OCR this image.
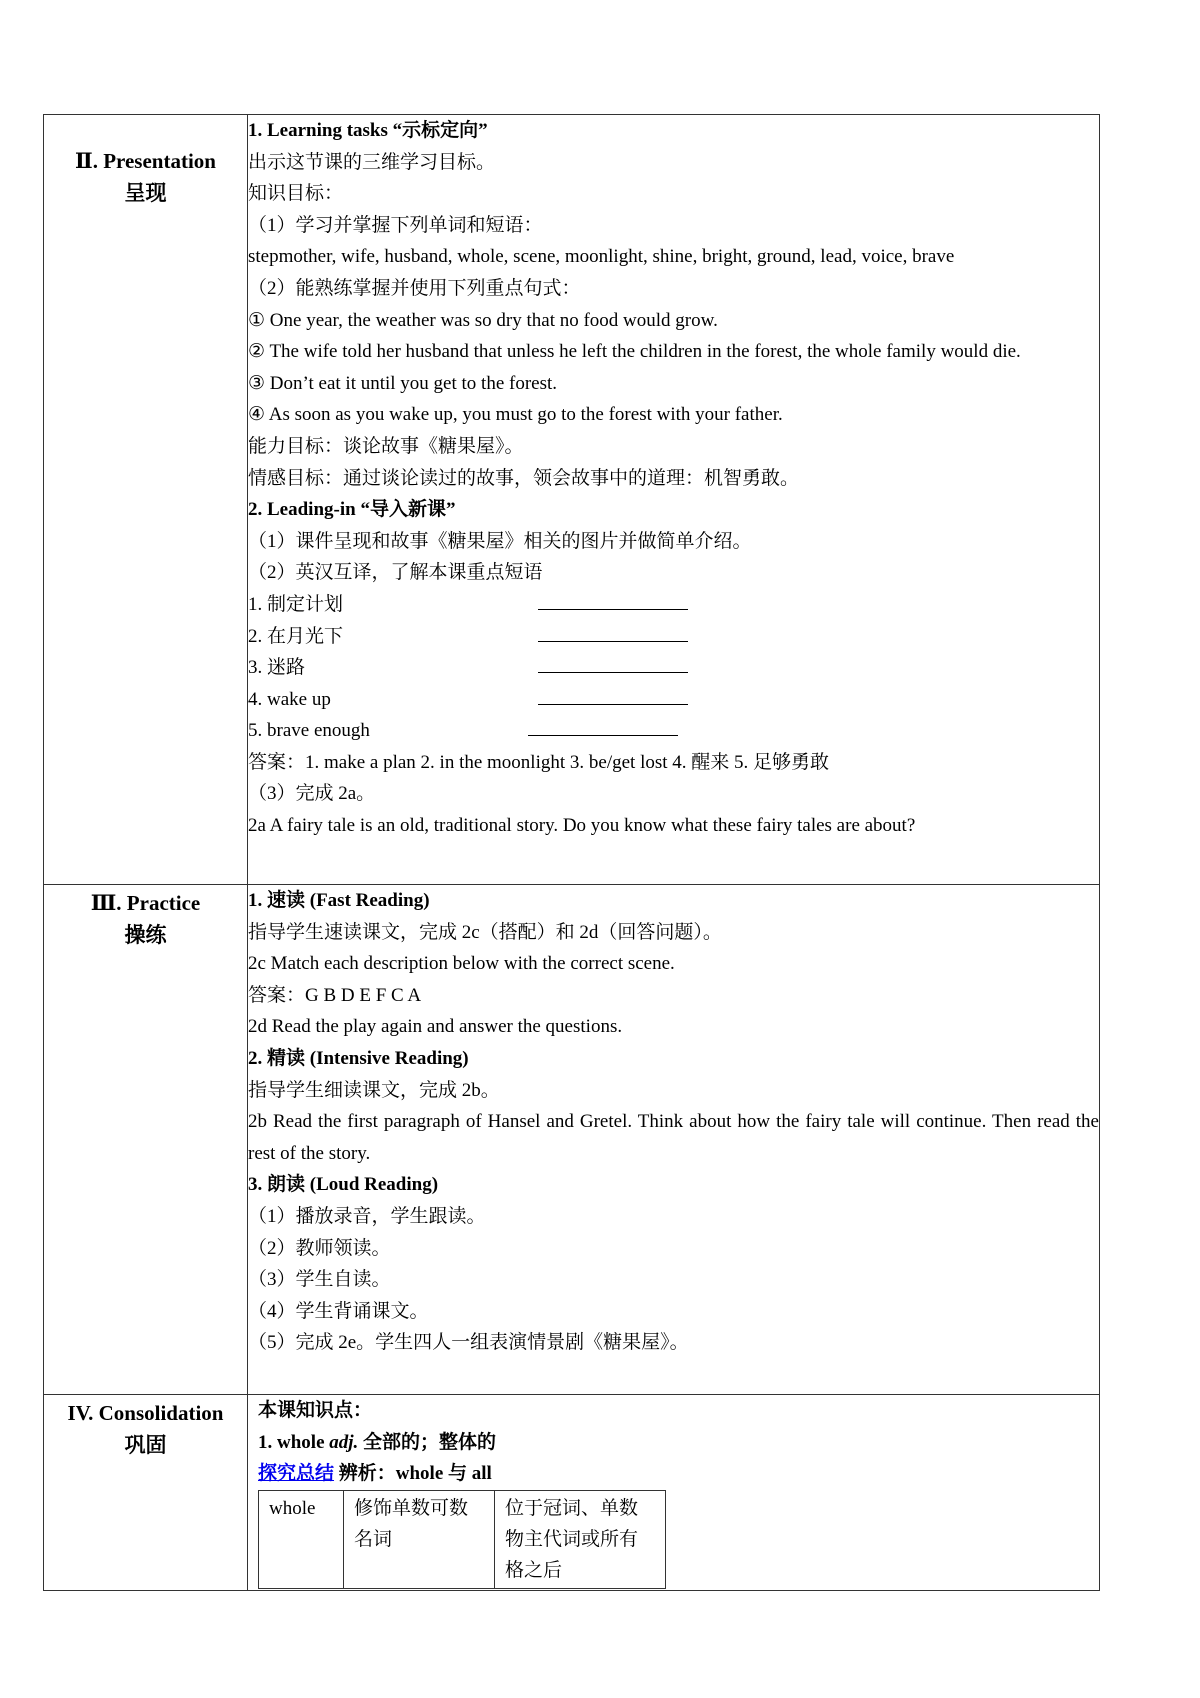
Ⅱ. Presentation
呈现

1. Learning tasks “示标定向”
出示这节课的三维学习目标。
知识目标：
（1）学习并掌握下列单词和短语：
stepmother, wife, husband, whole, scene, moonlight, shine, bright, ground, lead, voice, brave
（2）能熟练掌握并使用下列重点句式：
① One year, the weather was so dry that no food would grow.
② The wife told her husband that unless he left the children in the forest, the whole family would die.
③ Don’t eat it until you get to the forest.
④ As soon as you wake up, you must go to the forest with your father.
能力目标：谈论故事《糖果屋》。
情感目标：通过谈论读过的故事，领会故事中的道理：机智勇敢。
2. Leading-in “导入新课”
（1）课件呈现和故事《糖果屋》相关的图片并做简单介绍。
（2）英汉互译，了解本课重点短语
1. 制定计划
2. 在月光下
3. 迷路
4. wake up
5. brave enough
答案：1. make a plan 2. in the moonlight 3. be/get lost 4. 醒来 5. 足够勇敢
（3）完成 2a。
2a A fairy tale is an old, traditional story. Do you know what these fairy tales are about?

Ⅲ. Practice
操练

1. 速读 (Fast Reading)
指导学生速读课文，完成 2c（搭配）和 2d（回答问题）。
2c Match each description below with the correct scene.
答案：G B D E F C A
2d Read the play again and answer the questions.
2. 精读 (Intensive Reading)
指导学生细读课文，完成 2b。
2b Read the first paragraph of Hansel and Gretel. Think about how the fairy tale will continue. Then read the rest of the story.
3. 朗读 (Loud Reading)
（1）播放录音，学生跟读。
（2）教师领读。
（3）学生自读。
（4）学生背诵课文。
（5）完成 2e。学生四人一组表演情景剧《糖果屋》。

IV. Consolidation
巩固

本课知识点：
1. whole adj. 全部的；整体的
探究总结 辨析：whole 与 all
whole	修饰单数可数名词	位于冠词、单数物主代词或所有格之后
